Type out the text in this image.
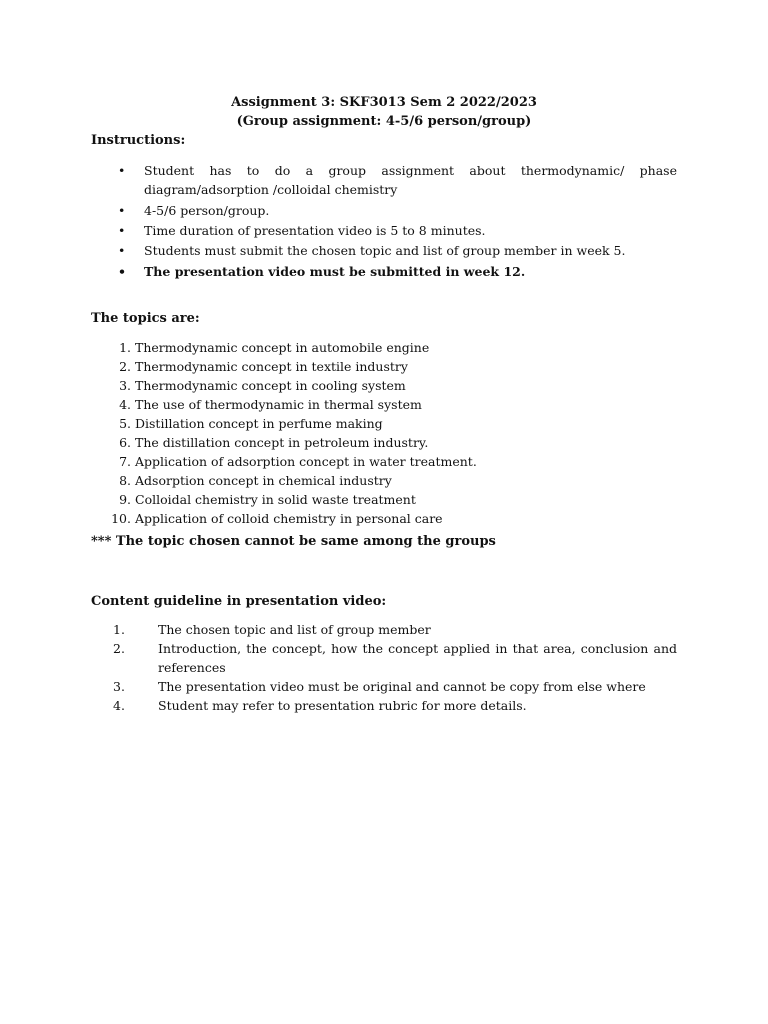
Assignment 3: SKF3013 Sem 2 2022/2023
(Group assignment: 4-5/6 person/group)
Instructions:
• Student has to do a group assignment about thermodynamic/ phase diagram/adsorption /colloidal chemistry
• 4-5/6 person/group.
• Time duration of presentation video is 5 to 8 minutes.
• Students must submit the chosen topic and list of group member in week 5.
• The presentation video must be submitted in week 12.
The topics are:
1. Thermodynamic concept in automobile engine
2. Thermodynamic concept in textile industry
3. Thermodynamic concept in cooling system
4. The use of thermodynamic in thermal system
5. Distillation concept in perfume making
6. The distillation concept in petroleum industry.
7. Application of adsorption concept in water treatment.
8. Adsorption concept in chemical industry
9. Colloidal chemistry in solid waste treatment
10. Application of colloid chemistry in personal care
*** The topic chosen cannot be same among the groups
Content guideline in presentation video:
1.	The chosen topic and list of group member
2.	Introduction, the concept, how the concept applied in that area, conclusion and references
3.	The presentation video must be original and cannot be copy from else where
4.	Student may refer to presentation rubric for more details.
